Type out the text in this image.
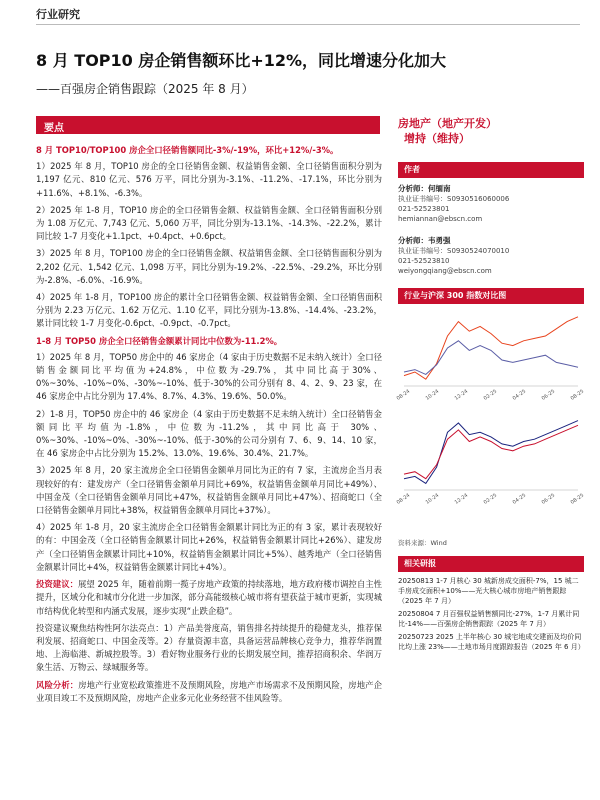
行业研究
8 月 TOP10 房企销售额环比+12%，同比增速分化加大
——百强房企销售跟踪（2025 年 8 月）
要点

8 月 TOP10/TOP100 房企全口径销售额同比-3%/-19%，环比+12%/-3%。

1）2025 年 8 月，TOP10 房企的全口径销售金额、权益销售金额、全口径销售面积分别为 1,197 亿元、810 亿元、576 万平，同比分别为-3.1%、-11.2%、-17.1%，环比分别为+11.6%、+8.1%、-6.3%。

2）2025 年 1-8 月，TOP10 房企的全口径销售金额、权益销售金额、全口径销售面积分别为 1.08 万亿元、7,743 亿元、5,060 万平，同比分别为-13.1%、-14.3%、-22.2%，累计同比较 1-7 月变化+1.1pct、+0.4pct、+0.6pct。

3）2025 年 8 月，TOP100 房企的全口径销售金额、权益销售金额、全口径销售面积分别为 2,202 亿元、1,542 亿元、1,098 万平，同比分别为-19.2%、-22.5%、-29.2%，环比分别为-2.8%、-6.0%、-16.9%。

4）2025 年 1-8 月，TOP100 房企的累计全口径销售金额、权益销售金额、全口径销售面积分别为 2.23 万亿元、1.62 万亿元、1.10 亿平，同比分别为-13.8%、-14.4%、-23.2%，累计同比较 1-7 月变化-0.6pct、-0.9pct、-0.7pct。

1-8 月 TOP50 房企全口径销售金额累计同比中位数为-11.2%。

1）2025 年 8 月，TOP50 房企中的 46 家房企（4 家由于历史数据不足未纳入统计）全口径销售金额同比平均值为+24.8%，中位数为-29.7%，其中同比高于30%、0%~30%、-10%~0%、-30%~-10%、低于-30%的公司分别有 8、4、2、9、23 家，在 46 家房企中占比分别为 17.4%、8.7%、4.3%、19.6%、50.0%。

2）1-8 月，TOP50 房企中的 46 家房企（4 家由于历史数据不足未纳入统计）全口径销售金额同比平均值为-1.8%，中位数为-11.2%，其中同比高于 30%、0%~30%、-10%~0%、-30%~-10%、低于-30%的公司分别有 7、6、9、14、10 家，在 46 家房企中占比分别为 15.2%、13.0%、19.6%、30.4%、21.7%。

3）2025 年 8 月，20 家主流房企全口径销售金额单月同比为正的有 7 家，主流房企当月表现较好的有：建发房产（全口径销售金额单月同比+69%，权益销售金额单月同比+49%）、中国金茂（全口径销售金额单月同比+47%，权益销售金额单月同比+47%）、招商蛇口（全口径销售金额单月同比+38%，权益销售金额单月同比+37%）。

4）2025 年 1-8 月，20 家主流房企全口径销售金额累计同比为正的有 3 家，累计表现较好的有：中国金茂（全口径销售金额累计同比+26%，权益销售金额累计同比+26%）、建发房产（全口径销售金额累计同比+10%，权益销售金额累计同比+5%）、越秀地产（全口径销售金额累计同比+4%，权益销售金额累计同比+4%）。

投资建议：展望 2025 年，随着前期一揽子房地产政策的持续落地，地方政府楼市调控自主性提升，区域分化和城市分化进一步加深，部分高能级核心城市将有望获益于城市更新，实现城市结构优化转型和内涵式发展，逐步实现“止跌企稳”。

投资建议聚焦结构性阿尔法亮点：1）产品美誉度高，销售排名持续提升的稳健龙头，推荐保利发展、招商蛇口、中国金茂等。2）存量资源丰富，具备运营品牌核心竞争力，推荐华润置地、上海临港、新城控股等。3）看好物业服务行业的长期发展空间，推荐招商积余、华润万象生活、万物云、绿城服务等。

风险分析：房地产行业宽松政策推进不及预期风险，房地产市场需求不及预期风险，房地产企业项目竣工不及预期风险，房地产企业多元化业务经营不佳风险等。

房地产（地产开发）
增持（维持）
作者
分析师：何缅南
执业证书编号：S0930516060006
021-52523801
hemiannan@ebscn.com
分析师：韦勇强
执业证书编号：S0930524070010
021-52523810
weiyongqiang@ebscn.com
行业与沪深 300 指数对比图
08-24	10-24	12-24	02-25	04-25	06-25	08-25
08-24	10-24	12-24	02-25	04-25	06-25	08-25
资料来源：Wind
相关研报

20250813 1-7 月核心 30 城新房成交面积-7%，15 城二手房成交面积+10%——光大核心城市房地产销售跟踪（2025 年 7 月）

20250804 7 月百强权益销售额同比-27%，1-7 月累计同比-14%——百强房企销售跟踪（2025 年 7 月）

20250723 2025 上半年核心 30 城宅地成交建面及均价同比均上涨 23%——土地市场月度跟踪报告（2025 年 6 月）
